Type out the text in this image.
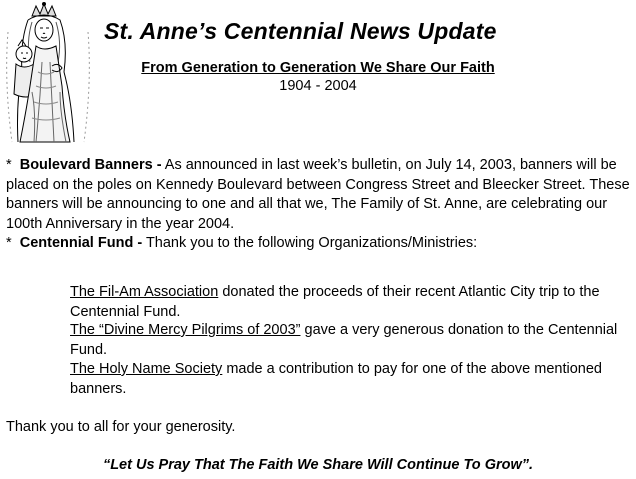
St. Anne’s Centennial News Update
From Generation to Generation We Share Our Faith
1904 - 2004
* Boulevard Banners - As announced in last week’s bulletin, on July 14, 2003, banners will be placed on the poles on Kennedy Boulevard between Congress Street and Bleecker Street. These banners will be announcing to one and all that we, The Family of St. Anne, are celebrating our 100th Anniversary in the year 2004.
* Centennial Fund - Thank you to the following Organizations/Ministries:
The Fil-Am Association donated the proceeds of their recent Atlantic City trip to the Centennial Fund.
The “Divine Mercy Pilgrims of 2003” gave a very generous donation to the Centennial Fund.
The Holy Name Society made a contribution to pay for one of the above mentioned banners.
Thank you to all for your generosity.
“Let Us Pray That The Faith We Share Will Continue To Grow”.
